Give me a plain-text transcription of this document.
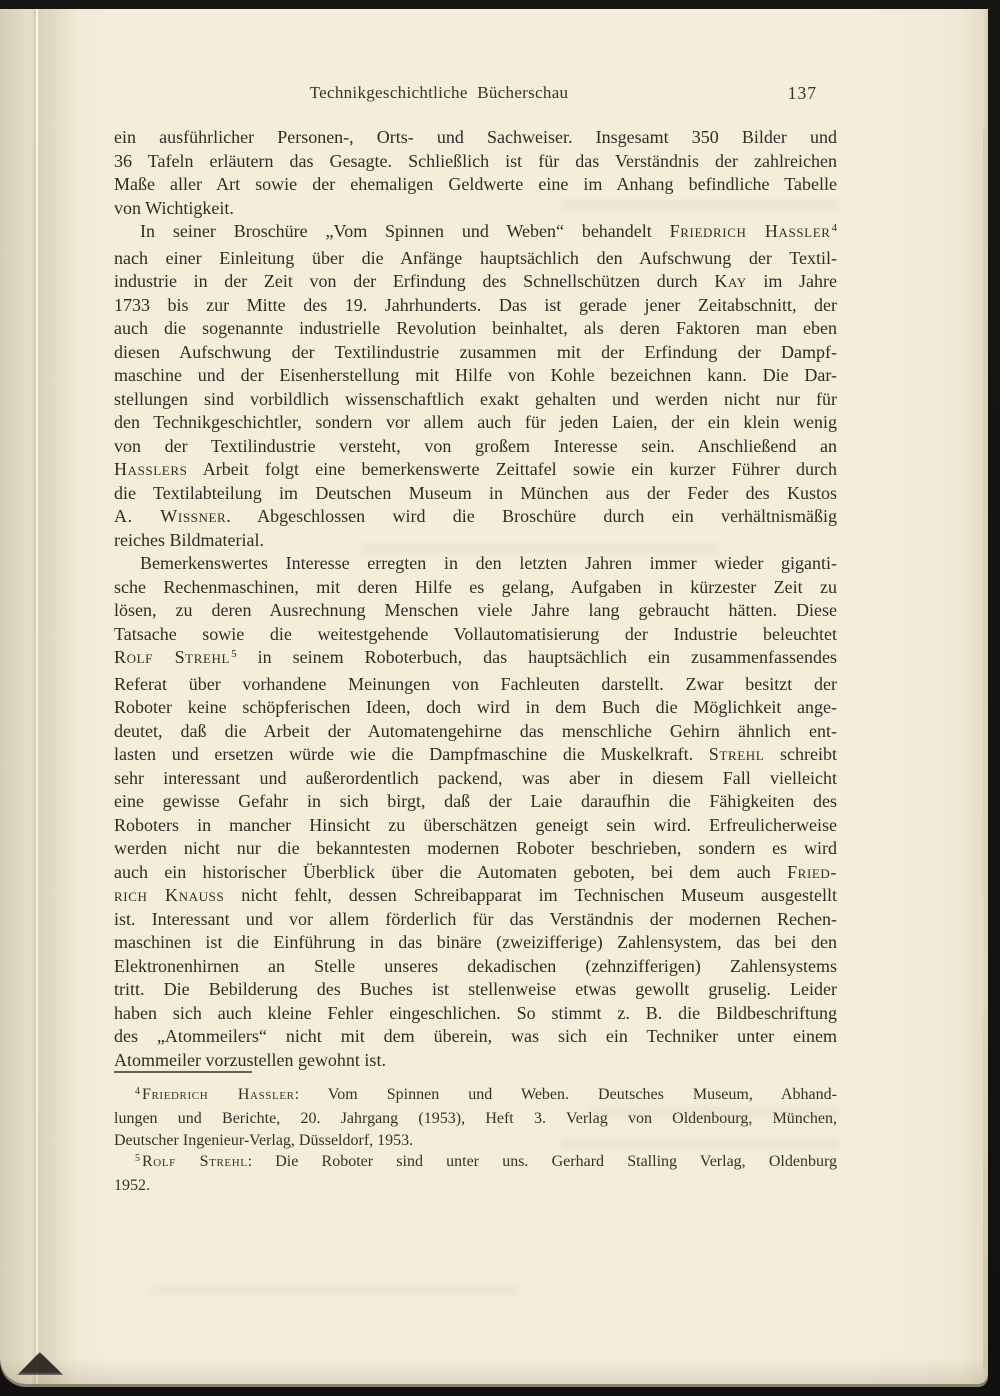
Technikgeschichtliche Bücherschau	137
ein ausführlicher Personen-, Orts- und Sachweiser. Insgesamt 350 Bilder und
36 Tafeln erläutern das Gesagte. Schließlich ist für das Verständnis der zahlreichen
Maße aller Art sowie der ehemaligen Geldwerte eine im Anhang befindliche Tabelle
von Wichtigkeit.
In seiner Broschüre „Vom Spinnen und Weben“ behandelt Friedrich Hassler$^4$
nach einer Einleitung über die Anfänge hauptsächlich den Aufschwung der Textil-
industrie in der Zeit von der Erfindung des Schnellschützen durch Kay im Jahre
1733 bis zur Mitte des 19. Jahrhunderts. Das ist gerade jener Zeitabschnitt, der
auch die sogenannte industrielle Revolution beinhaltet, als deren Faktoren man eben
diesen Aufschwung der Textilindustrie zusammen mit der Erfindung der Dampf-
maschine und der Eisenherstellung mit Hilfe von Kohle bezeichnen kann. Die Dar-
stellungen sind vorbildlich wissenschaftlich exakt gehalten und werden nicht nur für
den Technikgeschichtler, sondern vor allem auch für jeden Laien, der ein klein wenig
von der Textilindustrie versteht, von großem Interesse sein. Anschließend an
Hasslers Arbeit folgt eine bemerkenswerte Zeittafel sowie ein kurzer Führer durch
die Textilabteilung im Deutschen Museum in München aus der Feder des Kustos
A. Wissner. Abgeschlossen wird die Broschüre durch ein verhältnismäßig
reiches Bildmaterial.
Bemerkenswertes Interesse erregten in den letzten Jahren immer wieder giganti-
sche Rechenmaschinen, mit deren Hilfe es gelang, Aufgaben in kürzester Zeit zu
lösen, zu deren Ausrechnung Menschen viele Jahre lang gebraucht hätten. Diese
Tatsache sowie die weitestgehende Vollautomatisierung der Industrie beleuchtet
Rolf Strehl$^5$ in seinem Roboterbuch, das hauptsächlich ein zusammenfassendes
Referat über vorhandene Meinungen von Fachleuten darstellt. Zwar besitzt der
Roboter keine schöpferischen Ideen, doch wird in dem Buch die Möglichkeit ange-
deutet, daß die Arbeit der Automatengehirne das menschliche Gehirn ähnlich ent-
lasten und ersetzen würde wie die Dampfmaschine die Muskelkraft. Strehl schreibt
sehr interessant und außerordentlich packend, was aber in diesem Fall vielleicht
eine gewisse Gefahr in sich birgt, daß der Laie daraufhin die Fähigkeiten des
Roboters in mancher Hinsicht zu überschätzen geneigt sein wird. Erfreulicherweise
werden nicht nur die bekanntesten modernen Roboter beschrieben, sondern es wird
auch ein historischer Überblick über die Automaten geboten, bei dem auch Fried-
rich Knauss nicht fehlt, dessen Schreibapparat im Technischen Museum ausgestellt
ist. Interessant und vor allem förderlich für das Verständnis der modernen Rechen-
maschinen ist die Einführung in das binäre (zweizifferige) Zahlensystem, das bei den
Elektronenhirnen an Stelle unseres dekadischen (zehnzifferigen) Zahlensystems
tritt. Die Bebilderung des Buches ist stellenweise etwas gewollt gruselig. Leider
haben sich auch kleine Fehler eingeschlichen. So stimmt z. B. die Bildbeschriftung
des „Atommeilers“ nicht mit dem überein, was sich ein Techniker unter einem
Atommeiler vorzustellen gewohnt ist.
$^4$ Friedrich Hassler: Vom Spinnen und Weben. Deutsches Museum, Abhand-
lungen und Berichte, 20. Jahrgang (1953), Heft 3. Verlag von Oldenbourg, München,
Deutscher Ingenieur-Verlag, Düsseldorf, 1953.
$^5$ Rolf Strehl: Die Roboter sind unter uns. Gerhard Stalling Verlag, Oldenburg
1952.
